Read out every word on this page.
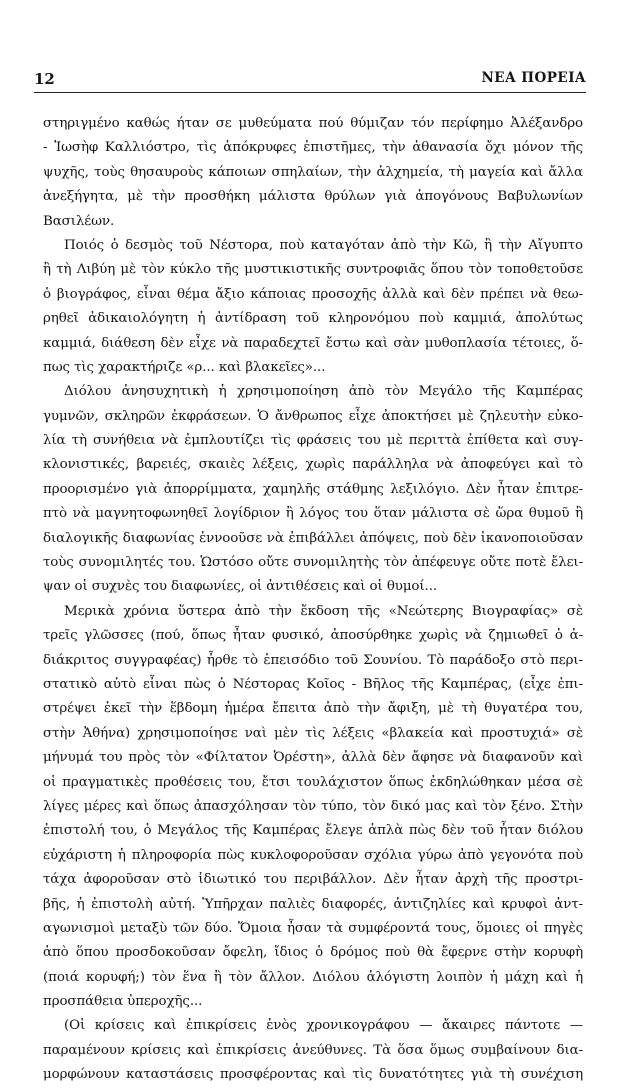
12	ΝΕΑ ΠΟΡΕΙΑ
στηριγμένο καθώς ήταν σε μυθεύματα πού θύμιζαν τόν περίφημο Ἀλέξανδρο
- Ἰωσὴφ Καλλιόστρο, τὶς ἀπόκρυφες ἐπιστῆμες, τὴν ἀθανασία ὄχι μόνον τῆς
ψυχῆς, τοὺς θησαυροὺς κάποιων σπηλαίων, τὴν ἀλχημεία, τὴ μαγεία καὶ ἄλλα
ἀνεξήγητα, μὲ τὴν προσθήκη μάλιστα θρύλων γιὰ ἀπογόνους Βαβυλωνίων
Βασιλέων.
Ποιός ὁ δεσμὸς τοῦ Νέστορα, ποὺ καταγόταν ἀπὸ τὴν Κῶ, ἢ τὴν Αἴγυπτο
ἢ τὴ Λιβύη μὲ τὸν κύκλο τῆς μυστικιστικῆς συντροφιᾶς ὅπου τὸν τοποθετοῦσε
ὁ βιογράφος, εἶναι θέμα ἄξιο κάποιας προσοχῆς ἀλλὰ καὶ δὲν πρέπει νὰ θεω-
ρηθεῖ ἀδικαιολόγητη ἡ ἀντίδραση τοῦ κληρονόμου ποὺ καμμιά, ἀπολύτως
καμμιά, διάθεση δὲν εἶχε νὰ παραδεχτεῖ ἔστω καὶ σὰν μυθοπλασία τέτοιες, ὅ-
πως τὶς χαρακτήριζε «ρ... καὶ βλακεῖες»...
Διόλου ἀνησυχητικὴ ἡ χρησιμοποίηση ἀπὸ τὸν Μεγάλο τῆς Καμπέρας
γυμνῶν, σκληρῶν ἐκφράσεων. Ὁ ἄνθρωπος εἶχε ἀποκτήσει μὲ ζηλευτὴν εὐκο-
λία τὴ συνήθεια νὰ ἐμπλουτίζει τὶς φράσεις του μὲ περιττὰ ἐπίθετα καὶ συγ-
κλονιστικές, βαρειές, σκαιὲς λέξεις, χωρὶς παράλληλα νὰ ἀποφεύγει καὶ τὸ
προορισμένο γιὰ ἀπορρίμματα, χαμηλῆς στάθμης λεξιλόγιο. Δὲν ἦταν ἐπιτρε-
πτὸ νὰ μαγνητοφωνηθεῖ λογίδριον ἢ λόγος του ὅταν μάλιστα σὲ ὥρα θυμοῦ ἢ
διαλογικῆς διαφωνίας ἐννοοῦσε νὰ ἐπιβάλλει ἀπόψεις, ποὺ δὲν ἱκανοποιοῦσαν
τοὺς συνομιλητές του. Ὡστόσο οὔτε συνομιλητὴς τὸν ἀπέφευγε οὔτε ποτὲ ἔλει-
ψαν οἱ συχνὲς του διαφωνίες, οἱ ἀντιθέσεις καὶ οἱ θυμοί...
Μερικὰ χρόνια ὕστερα ἀπὸ τὴν ἔκδοση τῆς «Νεώτερης Βιογραφίας» σὲ
τρεῖς γλῶσσες (πού, ὅπως ἦταν φυσικό, ἀποσύρθηκε χωρὶς νὰ ζημιωθεῖ ὁ ἀ-
διάκριτος συγγραφέας) ἦρθε τὸ ἐπεισόδιο τοῦ Σουνίου. Τὸ παράδοξο στὸ περι-
στατικὸ αὐτὸ εἶναι πὼς ὁ Νέστορας Κοῖος - Βῆλος τῆς Καμπέρας, (εἶχε ἐπι-
στρέψει ἐκεῖ τὴν ἕβδομη ἡμέρα ἔπειτα ἀπὸ τὴν ἄφιξη, μὲ τὴ θυγατέρα του,
στὴν Ἀθήνα) χρησιμοποίησε ναὶ μὲν τὶς λέξεις «βλακεία καὶ προστυχιά» σὲ
μήνυμά του πρὸς τὸν «Φίλτατον Ὀρέστη», ἀλλὰ δὲν ἄφησε νὰ διαφανοῦν καὶ
οἱ πραγματικὲς προθέσεις του, ἔτσι τουλάχιστον ὅπως ἐκδηλώθηκαν μέσα σὲ
λίγες μέρες καὶ ὅπως ἀπασχόλησαν τὸν τύπο, τὸν δικό μας καὶ τὸν ξένο. Στὴν
ἐπιστολή του, ὁ Μεγάλος τῆς Καμπέρας ἔλεγε ἁπλὰ πὼς δὲν τοῦ ἦταν διόλου
εὐχάριστη ἡ πληροφορία πὼς κυκλοφοροῦσαν σχόλια γύρω ἀπὸ γεγονότα ποὺ
τάχα ἀφοροῦσαν στὸ ἰδιωτικό του περιβάλλον. Δὲν ἦταν ἀρχὴ τῆς προστρι-
βῆς, ἡ ἐπιστολὴ αὐτή. Ὑπῆρχαν παλιὲς διαφορές, ἀντιζηλίες καὶ κρυφοὶ ἀντ-
αγωνισμοὶ μεταξὺ τῶν δύο. Ὅμοια ἦσαν τὰ συμφέροντά τους, ὅμοιες οἱ πηγὲς
ἀπὸ ὅπου προσδοκοῦσαν ὄφελη, ἴδιος ὁ δρόμος ποὺ θὰ ἔφερνε στὴν κορυφὴ
(ποιά κορυφή;) τὸν ἕνα ἢ τὸν ἄλλον. Διόλου ἀλόγιστη λοιπὸν ἡ μάχη καὶ ἡ
προσπάθεια ὑπεροχῆς...
(Οἱ κρίσεις καὶ ἐπικρίσεις ἑνὸς χρονικογράφου — ἄκαιρες πάντοτε —
παραμένουν κρίσεις καὶ ἐπικρίσεις ἀνεύθυνες. Τὰ ὅσα ὅμως συμβαίνουν δια-
μορφώνουν καταστάσεις προσφέροντας καὶ τὶς δυνατότητες γιὰ τὴ συνέχιση
